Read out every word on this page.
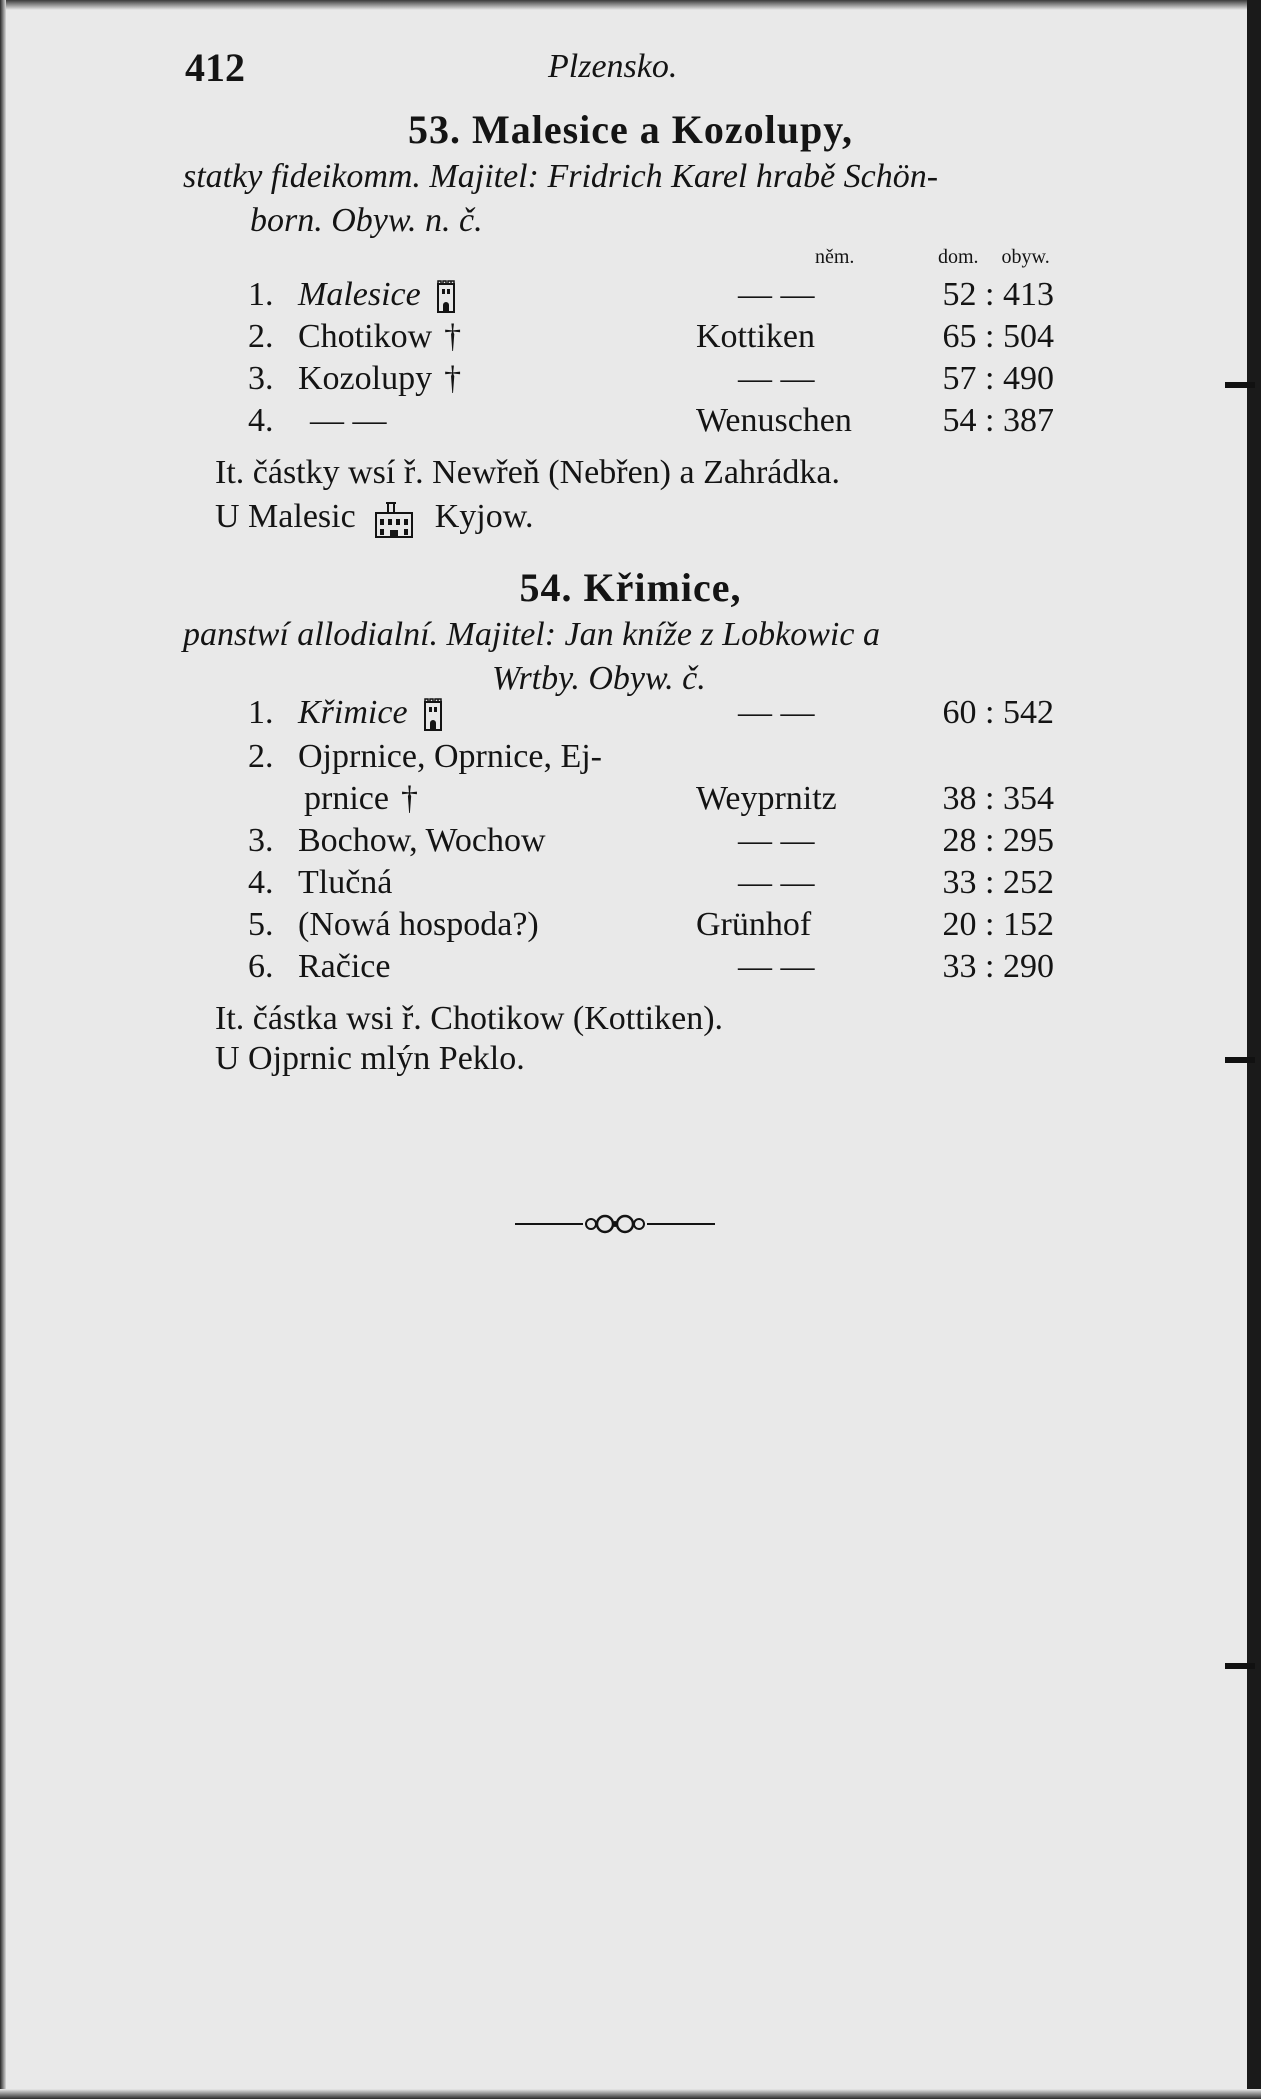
412	Plzensko.
53. Malesice a Kozolupy,
statky fideikomm. Majitel: Fridrich Karel hrabě Schön-
born. Obyw. n. č.
něm.	dom. obyw.
1. Malesice	— —	52 : 413
2. Chotikow †	Kottiken	65 : 504
3. Kozolupy †	— —	57 : 490
4. — —	Wenuschen	54 : 387
It. částky wsí ř. Newřeň (Nebřen) a Zahrádka.
U Malesic Kyjow.
54. Křimice,
panstwí allodialní. Majitel: Jan kníže z Lobkowic a
Wrtby. Obyw. č.
1. Křimice	— —	60 : 542
2. Ojprnice, Oprnice, Ej-
prnice †	Weyprnitz	38 : 354
3. Bochow, Wochow	— —	28 : 295
4. Tlučná	— —	33 : 252
5. (Nowá hospoda?)	Grünhof	20 : 152
6. Račice	— —	33 : 290
It. částka wsi ř. Chotikow (Kottiken).
U Ojprnic mlýn Peklo.
